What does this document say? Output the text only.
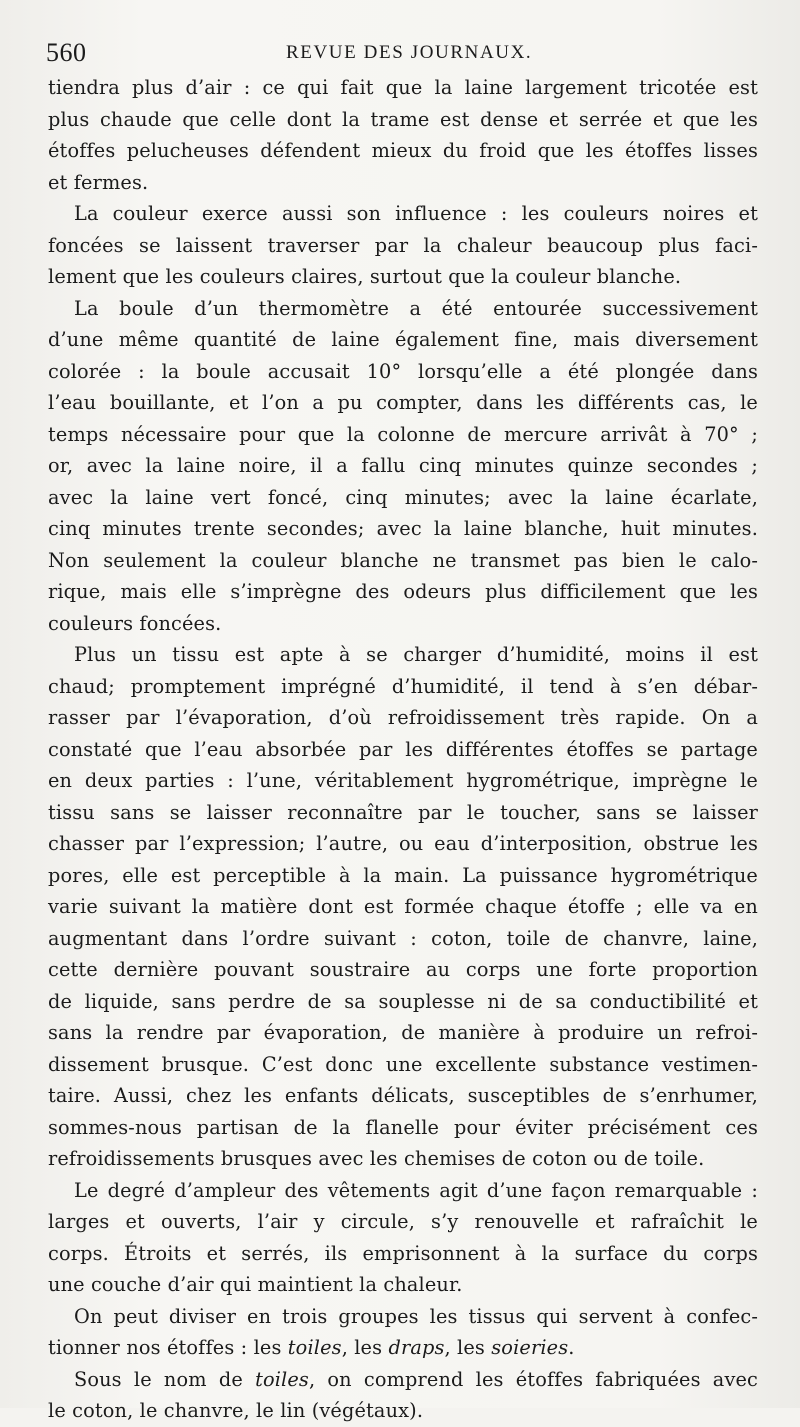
560	REVUE DES JOURNAUX.
tiendra plus d’air : ce qui fait que la laine largement tricotée est
plus chaude que celle dont la trame est dense et serrée et que les
étoffes pelucheuses défendent mieux du froid que les étoffes lisses
et fermes.
La couleur exerce aussi son influence : les couleurs noires et
foncées se laissent traverser par la chaleur beaucoup plus faci-
lement que les couleurs claires, surtout que la couleur blanche.
La boule d’un thermomètre a été entourée successivement
d’une même quantité de laine également fine, mais diversement
colorée : la boule accusait 10° lorsqu’elle a été plongée dans
l’eau bouillante, et l’on a pu compter, dans les différents cas, le
temps nécessaire pour que la colonne de mercure arrivât à 70° ;
or, avec la laine noire, il a fallu cinq minutes quinze secondes ;
avec la laine vert foncé, cinq minutes; avec la laine écarlate,
cinq minutes trente secondes; avec la laine blanche, huit minutes.
Non seulement la couleur blanche ne transmet pas bien le calo-
rique, mais elle s’imprègne des odeurs plus difficilement que les
couleurs foncées.
Plus un tissu est apte à se charger d’humidité, moins il est
chaud; promptement imprégné d’humidité, il tend à s’en débar-
rasser par l’évaporation, d’où refroidissement très rapide. On a
constaté que l’eau absorbée par les différentes étoffes se partage
en deux parties : l’une, véritablement hygrométrique, imprègne le
tissu sans se laisser reconnaître par le toucher, sans se laisser
chasser par l’expression; l’autre, ou eau d’interposition, obstrue les
pores, elle est perceptible à la main. La puissance hygrométrique
varie suivant la matière dont est formée chaque étoffe ; elle va en
augmentant dans l’ordre suivant : coton, toile de chanvre, laine,
cette dernière pouvant soustraire au corps une forte proportion
de liquide, sans perdre de sa souplesse ni de sa conductibilité et
sans la rendre par évaporation, de manière à produire un refroi-
dissement brusque. C’est donc une excellente substance vestimen-
taire. Aussi, chez les enfants délicats, susceptibles de s’enrhumer,
sommes-nous partisan de la flanelle pour éviter précisément ces
refroidissements brusques avec les chemises de coton ou de toile.
Le degré d’ampleur des vêtements agit d’une façon remarquable :
larges et ouverts, l’air y circule, s’y renouvelle et rafraîchit le
corps. Étroits et serrés, ils emprisonnent à la surface du corps
une couche d’air qui maintient la chaleur.
On peut diviser en trois groupes les tissus qui servent à confec-
tionner nos étoffes : les toiles, les draps, les soieries.
Sous le nom de toiles, on comprend les étoffes fabriquées avec
le coton, le chanvre, le lin (végétaux).
